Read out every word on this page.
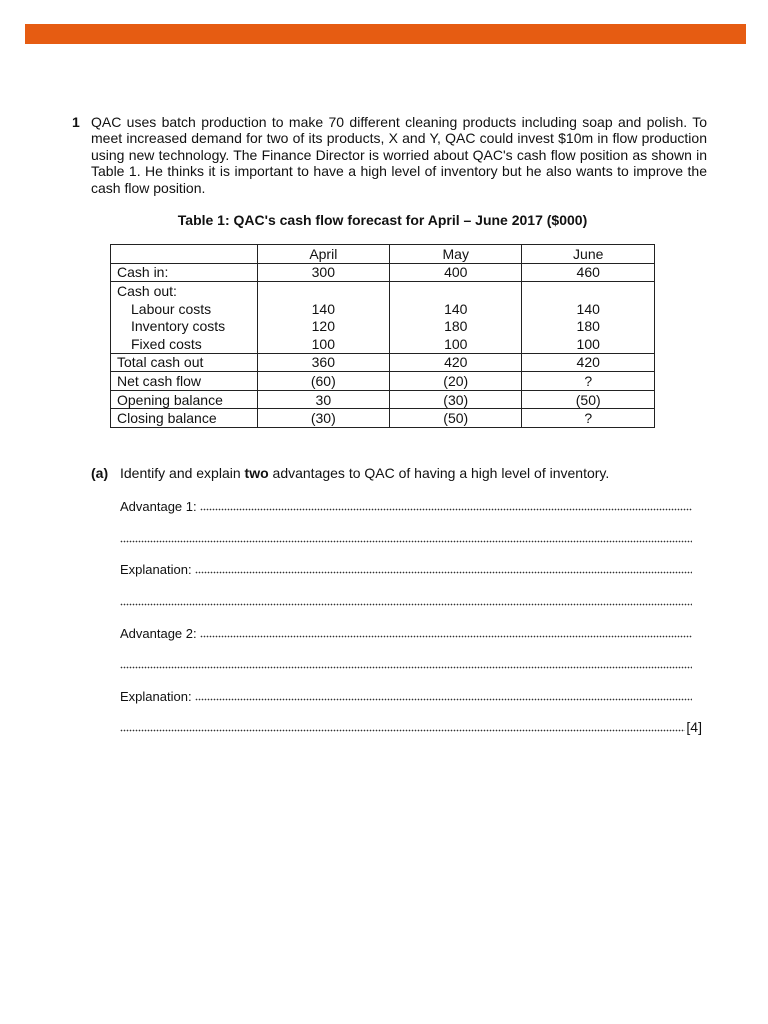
1 QAC uses batch production to make 70 different cleaning products including soap and polish. To meet increased demand for two of its products, X and Y, QAC could invest $10m in flow production using new technology. The Finance Director is worried about QAC's cash flow position as shown in Table 1. He thinks it is important to have a high level of inventory but he also wants to improve the cash flow position.

Table 1: QAC's cash flow forecast for April – June 2017 ($000)
	April	May	June
Cash in:	300	400	460
Cash out:			
Labour costs	140	140	140
Inventory costs	120	180	180
Fixed costs	100	100	100
Total cash out	360	420	420
Net cash flow	(60)	(20)	?
Opening balance	30	(30)	(50)
Closing balance	(30)	(50)	?
(a) Identify and explain two advantages to QAC of having a high level of inventory.
Advantage 1:
Explanation:
Advantage 2:
Explanation:
[4]
